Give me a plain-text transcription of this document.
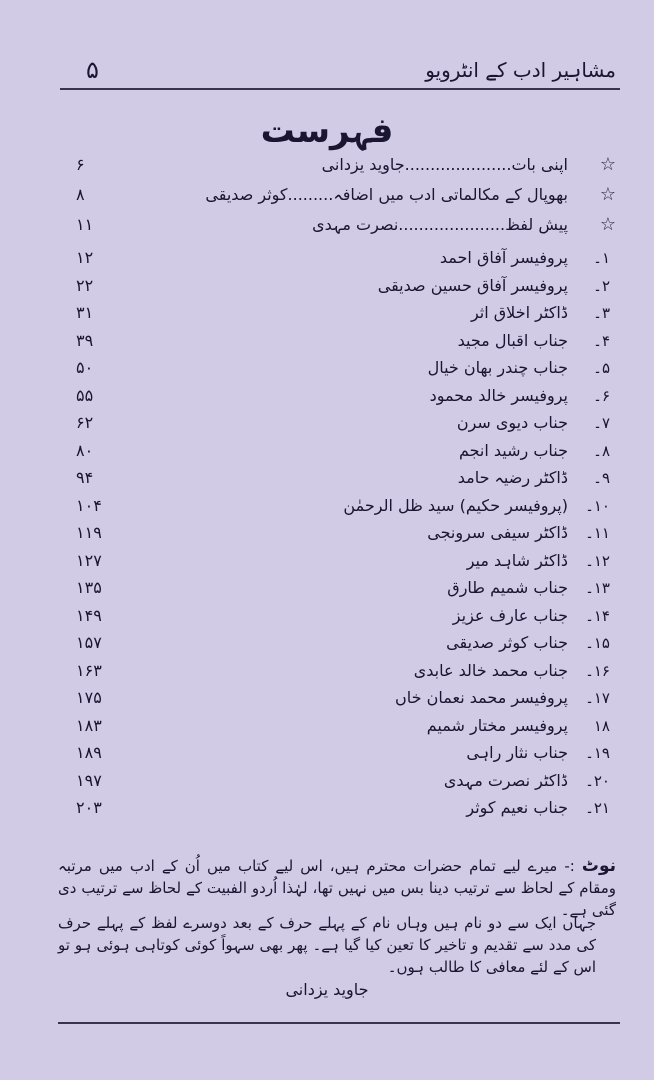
مشاہیر ادب کے انٹرویو
۵
فہرست
☆
اپنی بات.....................جاوید یزدانی
۶
☆
بھوپال کے مکالماتی ادب میں اضافہ.........کوثر صدیقی
۸
☆
پیش لفظ.....................نصرت مہدی
۱۱
۱۔
پروفیسر آفاق احمد
۱۲
۲۔
پروفیسر آفاق حسین صدیقی
۲۲
۳۔
ڈاکٹر اخلاق اثر
۳۱
۴۔
جناب اقبال مجید
۳۹
۵۔
جناب چندر بھان خیال
۵۰
۶۔
پروفیسر خالد محمود
۵۵
۷۔
جناب دیوی سرن
۶۲
۸۔
جناب رشید انجم
۸۰
۹۔
ڈاکٹر رضیہ حامد
۹۴
۱۰۔
(پروفیسر حکیم) سید ظل الرحمٰن
۱۰۴
۱۱۔
ڈاکٹر سیفی سرونجی
۱۱۹
۱۲۔
ڈاکٹر شاہد میر
۱۲۷
۱۳۔
جناب شمیم طارق
۱۳۵
۱۴۔
جناب عارف عزیز
۱۴۹
۱۵۔
جناب کوثر صدیقی
۱۵۷
۱۶۔
جناب محمد خالد عابدی
۱۶۳
۱۷۔
پروفیسر محمد نعمان خاں
۱۷۵
۱۸
پروفیسر مختار شمیم
۱۸۳
۱۹۔
جناب نثار راہی
۱۸۹
۲۰۔
ڈاکٹر نصرت مہدی
۱۹۷
۲۱۔
جناب نعیم کوثر
۲۰۳
نوٹ :- میرے لیے تمام حضرات محترم ہیں، اس لیے کتاب میں اُن کے ادب میں مرتبہ ومقام کے لحاظ سے ترتیب دینا بس میں نہیں تھا، لہٰذا اُردو الفبیت کے لحاظ سے ترتیب دی گئی ہے۔
جہاں ایک سے دو نام ہیں وہاں نام کے پہلے حرف کے بعد دوسرے لفظ کے پہلے حرف کی مدد سے تقدیم و تاخیر کا تعین کیا گیا ہے۔ پھر بھی سہواً کوئی کوتاہی ہوئی ہو تو اس کے لئے معافی کا طالب ہوں۔
جاوید یزدانی
